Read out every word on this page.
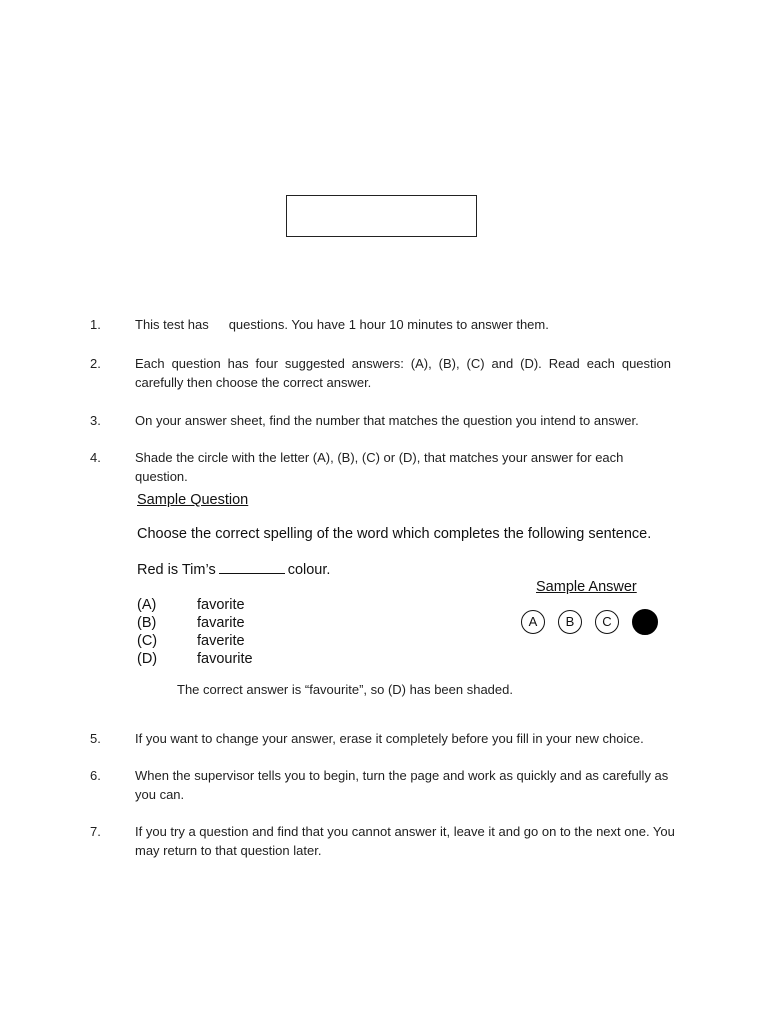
1.	This test has questions. You have 1 hour 10 minutes to answer them.
2.	Each question has four suggested answers: (A), (B), (C) and (D). Read each question carefully then choose the correct answer.
3.	On your answer sheet, find the number that matches the question you intend to answer.
4.	Shade the circle with the letter (A), (B), (C) or (D), that matches your answer for each question.
Sample Question
Choose the correct spelling of the word which completes the following sentence.
Red is Tim’s	colour.
(A)	favorite
(B)	favarite
(C)	faverite
(D)	favourite
Sample Answer
A	B	C
The correct answer is “favourite”, so (D) has been shaded.
5.	If you want to change your answer, erase it completely before you fill in your new choice.
6.	When the supervisor tells you to begin, turn the page and work as quickly and as carefully as you can.
7.	If you try a question and find that you cannot answer it, leave it and go on to the next one. You may return to that question later.
